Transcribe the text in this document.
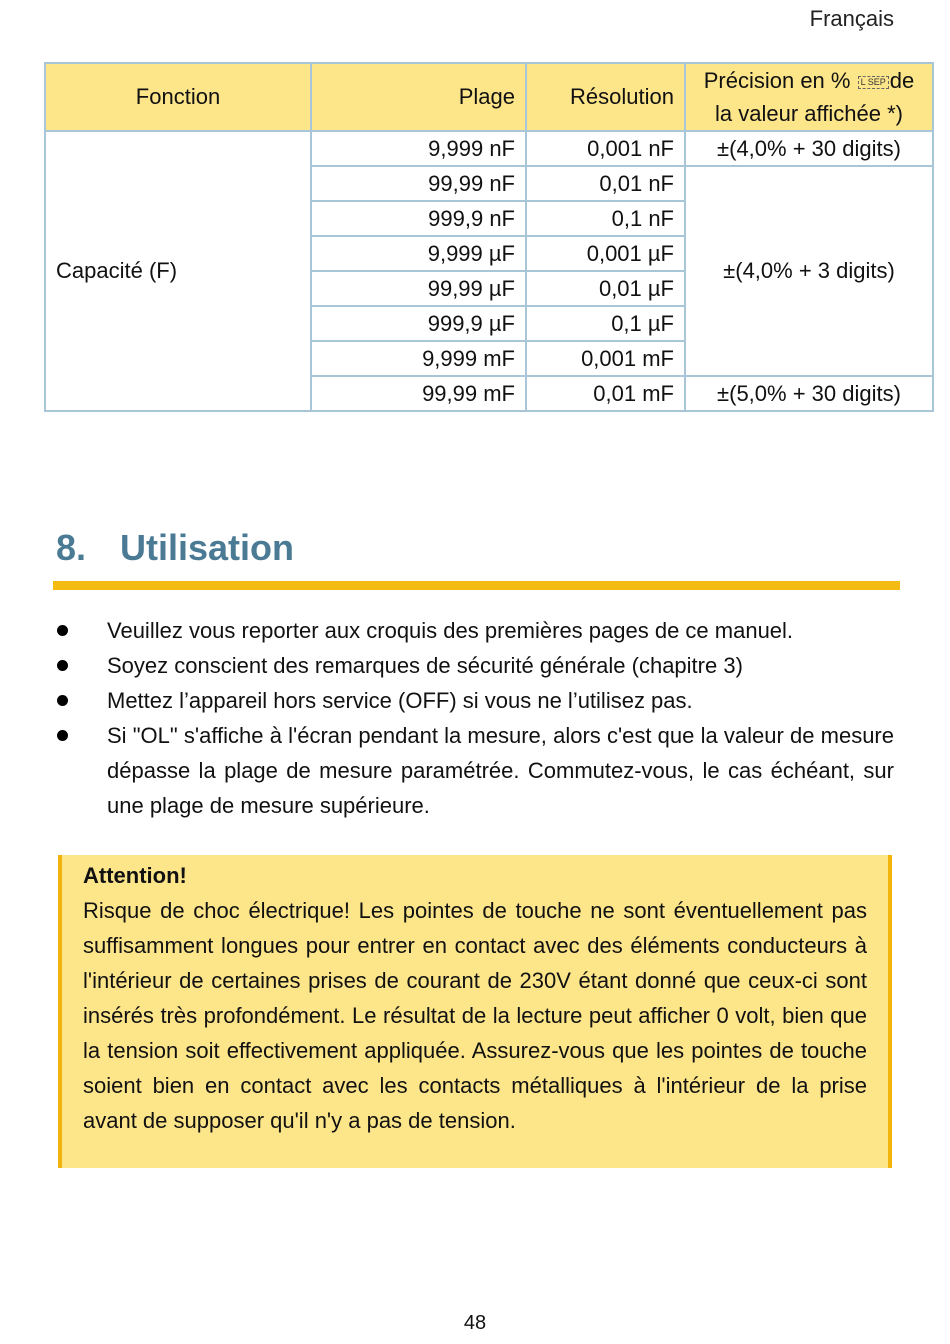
Français
Fonction	Plage	Résolution	Précision en % L SEP de
la valeur affichée *)
Capacité (F)	9,999 nF	0,001 nF	±(4,0% + 30 digits)
	99,99 nF	0,01 nF	±(4,0% + 3 digits)
	999,9 nF	0,1 nF	
	9,999 µF	0,001 µF	
	99,99 µF	0,01 µF	
	999,9 µF	0,1 µF	
	9,999 mF	0,001 mF	
	99,99 mF	0,01 mF	±(5,0% + 30 digits)
8. Utilisation
Veuillez vous reporter aux croquis des premières pages de ce manuel.
Soyez conscient des remarques de sécurité générale (chapitre 3)
Mettez l’appareil hors service (OFF) si vous ne l’utilisez pas.
Si "OL" s'affiche à l'écran pendant la mesure, alors c'est que la valeur de mesure dépasse la plage de mesure paramétrée. Commutez-vous, le cas échéant, sur une plage de mesure supérieure.
Attention!
Risque de choc électrique! Les pointes de touche ne sont éventuellement pas suffisamment longues pour entrer en contact avec des éléments conducteurs à l'intérieur de certaines prises de courant de 230V étant donné que ceux-ci sont insérés très profondément. Le résultat de la lecture peut afficher 0 volt, bien que la tension soit effectivement appliquée. Assurez-vous que les pointes de touche soient bien en contact avec les contacts métalliques à l'intérieur de la prise avant de supposer qu'il n'y a pas de tension.
48
